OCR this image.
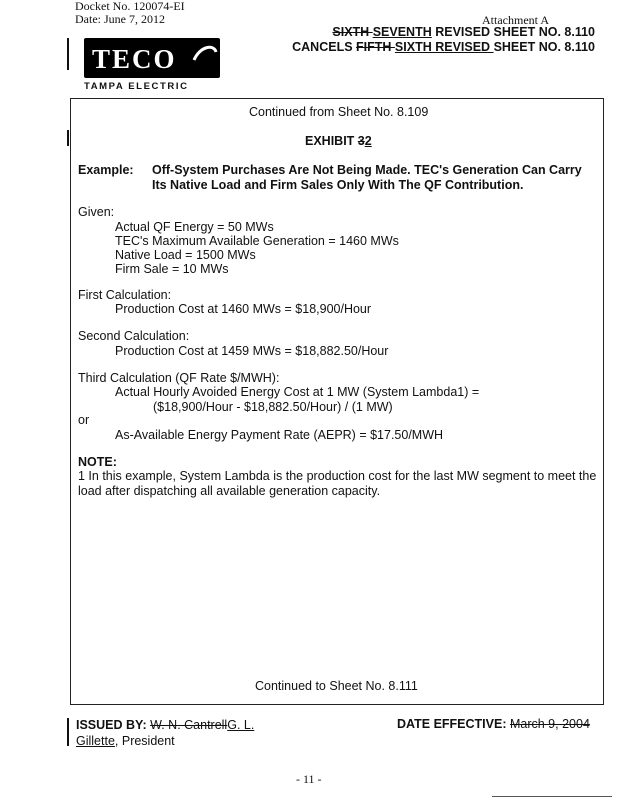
Docket No. 120074-EI
Date: June 7, 2012	Attachment A
SIXTH SEVENTH REVISED SHEET NO. 8.110
CANCELS FIFTH SIXTH REVISED SHEET NO. 8.110
TECO
TAMPA ELECTRIC
Continued from Sheet No. 8.109
EXHIBIT 32
Example: Off-System Purchases Are Not Being Made. TEC's Generation Can Carry
Its Native Load and Firm Sales Only With The QF Contribution.
Given:
Actual QF Energy = 50 MWs
TEC's Maximum Available Generation = 1460 MWs
Native Load = 1500 MWs
Firm Sale = 10 MWs
First Calculation:
Production Cost at 1460 MWs = $18,900/Hour
Second Calculation:
Production Cost at 1459 MWs = $18,882.50/Hour
Third Calculation (QF Rate $/MWH):
Actual Hourly Avoided Energy Cost at 1 MW (System Lambda1) =
($18,900/Hour - $18,882.50/Hour) / (1 MW)
or
As-Available Energy Payment Rate (AEPR) = $17.50/MWH
NOTE:
1 In this example, System Lambda is the production cost for the last MW segment to meet the
load after dispatching all available generation capacity.
Continued to Sheet No. 8.111
ISSUED BY: W. N. CantrellG. L.
Gillette, President
DATE EFFECTIVE: March 9, 2004
- 11 -
